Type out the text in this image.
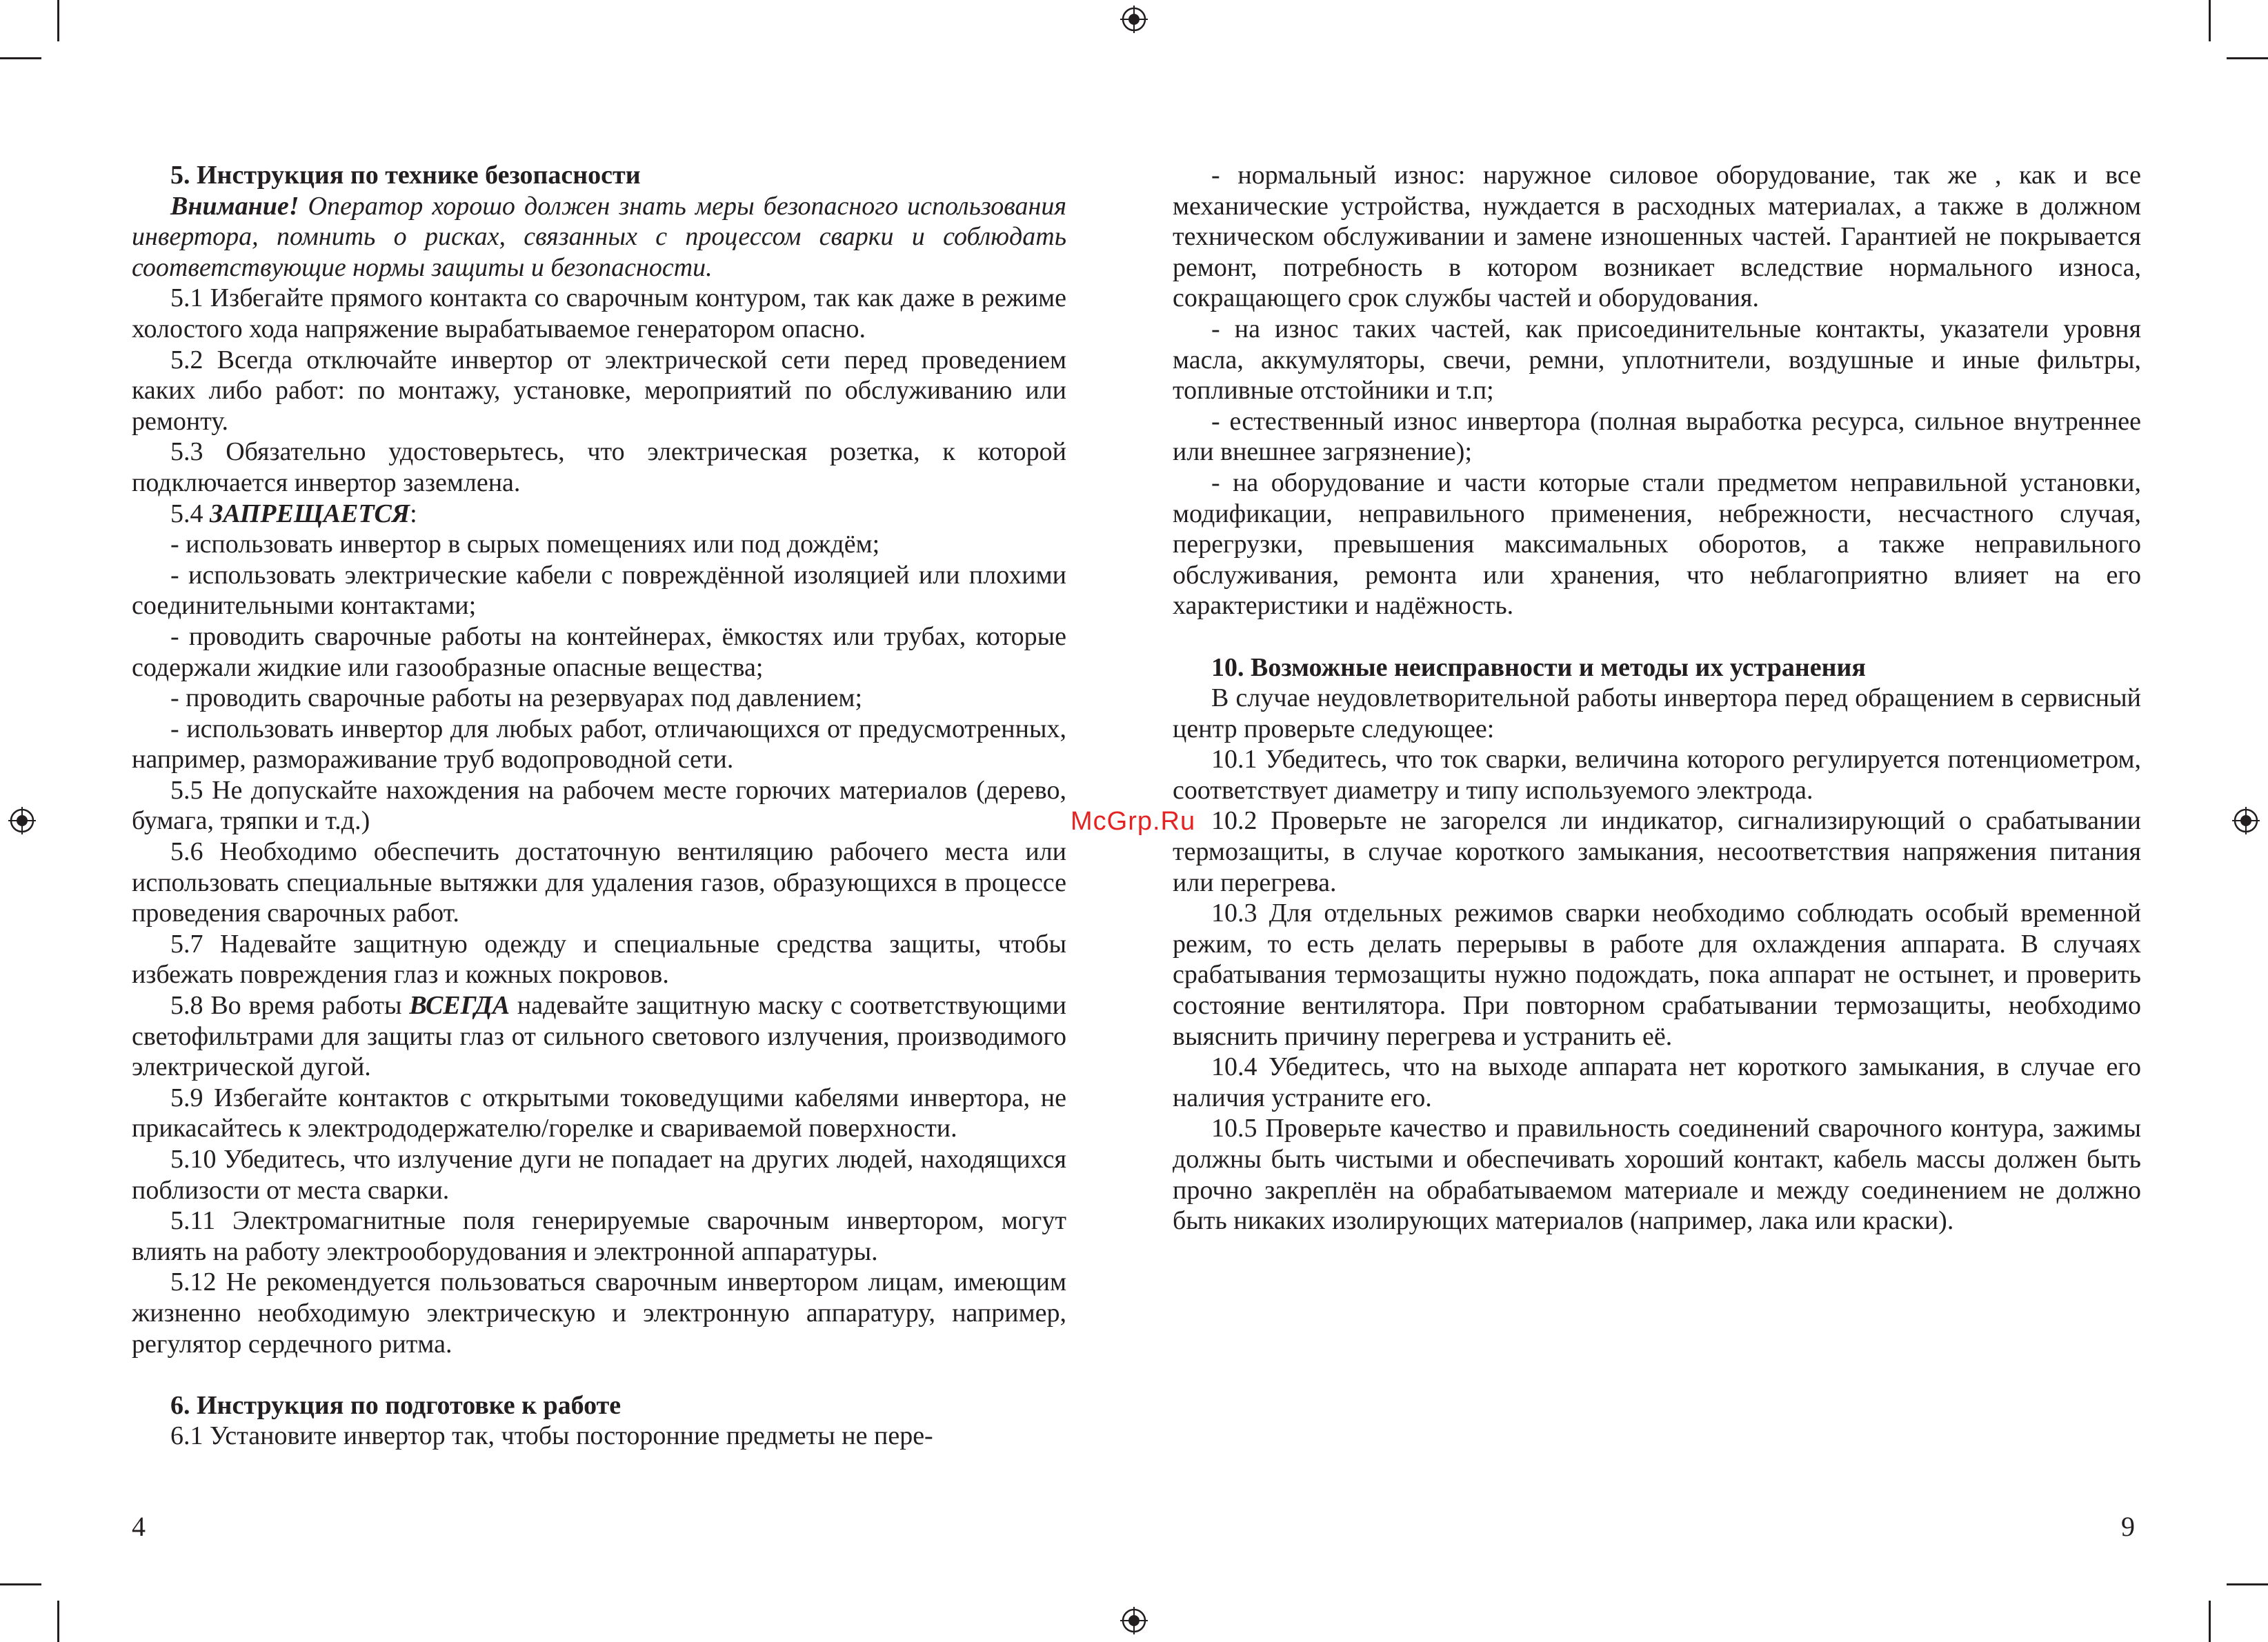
5. Инструкция по технике безопасности

Внимание! Оператор хорошо должен знать меры безопасного использования инвертора, помнить о рисках, связанных с процессом сварки и соблюдать соответствующие нормы защиты и безопасности.

5.1 Избегайте прямого контакта со сварочным контуром, так как даже в режиме холостого хода напряжение вырабатываемое генератором опасно.

5.2 Всегда отключайте инвертор от электрической сети перед проведением каких либо работ: по монтажу, установке, мероприятий по обслуживанию или ремонту.

5.3 Обязательно удостоверьтесь, что электрическая розетка, к которой подключается инвертор заземлена.

5.4 ЗАПРЕЩАЕТСЯ:

- использовать инвертор в сырых помещениях или под дождём;

- использовать электрические кабели с повреждённой изоляцией или плохими соединительными контактами;

- проводить сварочные работы на контейнерах, ёмкостях или трубах, которые содержали жидкие или газообразные опасные вещества;

- проводить сварочные работы на резервуарах под давлением;

- использовать инвертор для любых работ, отличающихся от предусмотренных, например, размораживание труб водопроводной сети.

5.5 Не допускайте нахождения на рабочем месте горючих материалов (дерево, бумага, тряпки и т.д.)

5.6 Необходимо обеспечить достаточную вентиляцию рабочего места или использовать специальные вытяжки для удаления газов, образующихся в процессе проведения сварочных работ.

5.7 Надевайте защитную одежду и специальные средства защиты, чтобы избежать повреждения глаз и кожных покровов.

5.8 Во время работы ВСЕГДА надевайте защитную маску с соответствующими светофильтрами для защиты глаз от сильного светового излучения, производимого электрической дугой.

5.9 Избегайте контактов с открытыми токоведущими кабелями инвертора, не прикасайтесь к электрододержателю/горелке и свариваемой поверхности.

5.10 Убедитесь, что излучение дуги не попадает на других людей, находящихся поблизости от места сварки.

5.11 Электромагнитные поля генерируемые сварочным инвертором, могут влиять на работу электрооборудования и электронной аппаратуры.

5.12 Не рекомендуется пользоваться сварочным инвертором лицам, имеющим жизненно необходимую электрическую и электронную аппаратуру, например, регулятор сердечного ритма.

6. Инструкция по подготовке к работе

6.1 Установите инвертор так, чтобы посторонние предметы не пере-

- нормальный износ: наружное силовое оборудование, так же , как и все механические устройства, нуждается в расходных материалах, а также в должном техническом обслуживании и замене изношенных частей. Гарантией не покрывается ремонт, потребность в котором возникает вследствие нормального износа, сокращающего срок службы частей и оборудования.

- на износ таких частей, как присоединительные контакты, указатели уровня масла, аккумуляторы, свечи, ремни, уплотнители, воздушные и иные фильтры, топливные отстойники и т.п;

- естественный износ инвертора (полная выработка ресурса, сильное внутреннее или внешнее загрязнение);

- на оборудование и части которые стали предметом неправильной установки, модификации, неправильного применения, небрежности, несчастного случая, перегрузки, превышения максимальных оборотов, а также неправильного обслуживания, ремонта или хранения, что неблагоприятно влияет на его характеристики и надёжность.

10. Возможные неисправности и методы их устранения

В случае неудовлетворительной работы инвертора перед обращением в сервисный центр проверьте следующее:

10.1 Убедитесь, что ток сварки, величина которого регулируется потенциометром, соответствует диаметру и типу используемого электрода.

10.2 Проверьте не загорелся ли индикатор, сигнализирующий о срабатывании термозащиты, в случае короткого замыкания, несоответствия напряжения питания или перегрева.

10.3 Для отдельных режимов сварки необходимо соблюдать особый временной режим, то есть делать перерывы в работе для охлаждения аппарата. В случаях срабатывания термозащиты нужно подождать, пока аппарат не остынет, и проверить состояние вентилятора. При повторном срабатывании термозащиты, необходимо выяснить причину перегрева и устранить её.

10.4 Убедитесь, что на выходе аппарата нет короткого замыкания, в случае его наличия устраните его.

10.5 Проверьте качество и правильность соединений сварочного контура, зажимы должны быть чистыми и обеспечивать хороший контакт, кабель массы должен быть прочно закреплён на обрабатываемом материале и между соединением не должно быть никаких изолирующих материалов (например, лака или краски).

McGrp.Ru
4	9
